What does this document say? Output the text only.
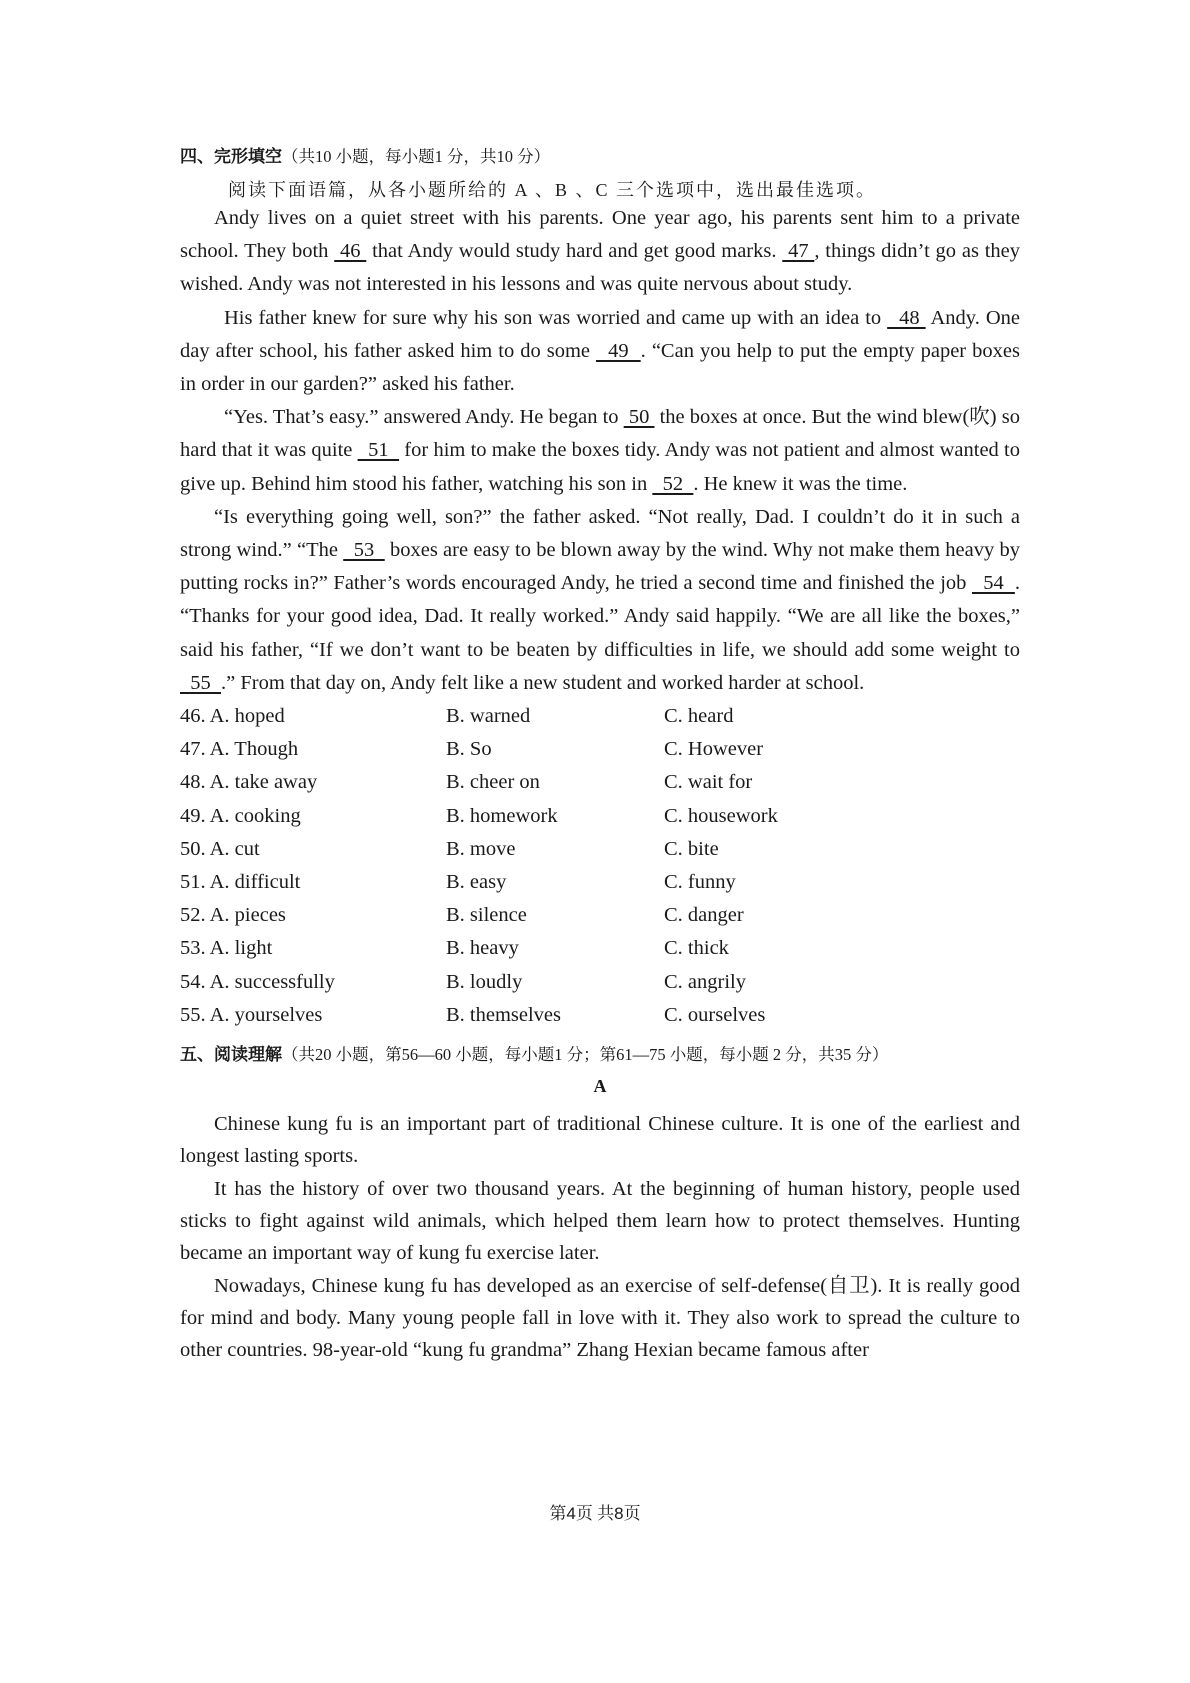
四、完形填空（共10 小题，每小题1 分，共10 分）
阅读下面语篇，从各小题所给的 A 、B 、C 三个选项中，选出最佳选项。

Andy lives on a quiet street with his parents. One year ago, his parents sent him to a private school. They both  46  that Andy would study hard and get good marks.  47 , things didn’t go as they wished. Andy was not interested in his lessons and was quite nervous about study.

His father knew for sure why his son was worried and came up with an idea to   48  Andy. One day after school, his father asked him to do some   49  . “Can you help to put the empty paper boxes in order in our garden?” asked his father.

“Yes. That’s easy.” answered Andy. He began to  50  the boxes at once. But the wind blew(吹) so hard that it was quite   51   for him to make the boxes tidy. Andy was not patient and almost wanted to give up. Behind him stood his father, watching his son in   52  . He knew it was the time.

“Is everything going well, son?” the father asked. “Not really, Dad. I couldn’t do it in such a strong wind.” “The   53   boxes are easy to be blown away by the wind. Why not make them heavy by putting rocks in?” Father’s words encouraged Andy, he tried a second time and finished the job   54  . “Thanks for your good idea, Dad. It really worked.” Andy said happily. “We are all like the boxes,” said his father, “If we don’t want to be beaten by difficulties in life, we should add some weight to   55  .” From that day on, Andy felt like a new student and worked harder at school.

46. A. hoped	B. warned	C. heard
47. A. Though	B. So	C. However
48. A. take away	B. cheer on	C. wait for
49. A. cooking	B. homework	C. housework
50. A. cut	B. move	C. bite
51. A. difficult	B. easy	C. funny
52. A. pieces	B. silence	C. danger
53. A. light	B. heavy	C. thick
54. A. successfully	B. loudly	C. angrily
55. A. yourselves	B. themselves	C. ourselves
五、阅读理解（共20 小题，第56—60 小题，每小题1 分；第61—75 小题，每小题 2 分，共35 分）
A

Chinese kung fu is an important part of traditional Chinese culture. It is one of the earliest and longest lasting sports.

It has the history of over two thousand years. At the beginning of human history, people used sticks to fight against wild animals, which helped them learn how to protect themselves. Hunting became an important way of kung fu exercise later.

Nowadays, Chinese kung fu has developed as an exercise of self-defense(自卫). It is really good for mind and body. Many young people fall in love with it. They also work to spread the culture to other countries. 98-year-old “kung fu grandma” Zhang Hexian became famous after

第4页 共8页
